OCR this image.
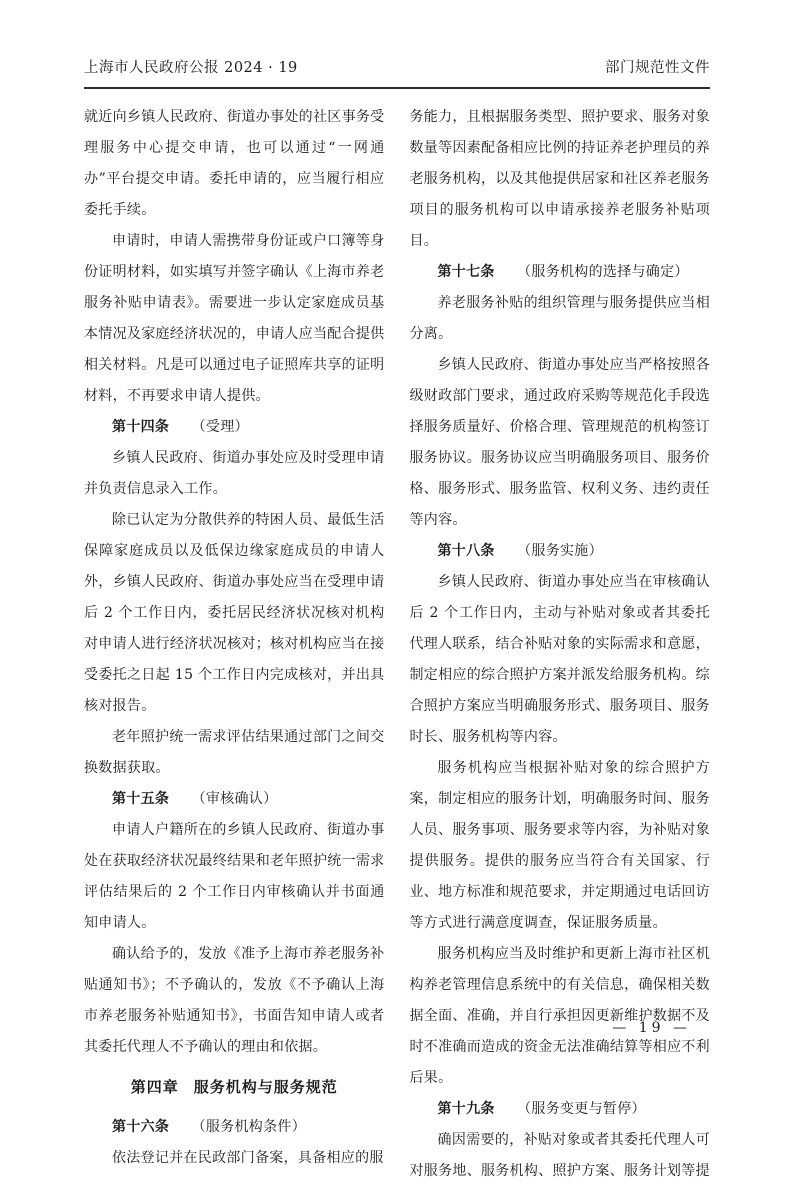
上海市人民政府公报 2024 · 19	部门规范性文件

就近向乡镇人民政府、街道办事处的社区事务受理服务中心提交申请，也可以通过“一网通办”平台提交申请。委托申请的，应当履行相应委托手续。

申请时，申请人需携带身份证或户口簿等身份证明材料，如实填写并签字确认《上海市养老服务补贴申请表》。需要进一步认定家庭成员基本情况及家庭经济状况的，申请人应当配合提供相关材料。凡是可以通过电子证照库共享的证明材料，不再要求申请人提供。

第十四条 （受理）

乡镇人民政府、街道办事处应及时受理申请并负责信息录入工作。

除已认定为分散供养的特困人员、最低生活保障家庭成员以及低保边缘家庭成员的申请人外，乡镇人民政府、街道办事处应当在受理申请后 2 个工作日内，委托居民经济状况核对机构对申请人进行经济状况核对；核对机构应当在接受委托之日起 15 个工作日内完成核对，并出具核对报告。

老年照护统一需求评估结果通过部门之间交换数据获取。

第十五条 （审核确认）

申请人户籍所在的乡镇人民政府、街道办事处在获取经济状况最终结果和老年照护统一需求评估结果后的 2 个工作日内审核确认并书面通知申请人。

确认给予的，发放《准予上海市养老服务补贴通知书》；不予确认的，发放《不予确认上海市养老服务补贴通知书》，书面告知申请人或者其委托代理人不予确认的理由和依据。

第四章 服务机构与服务规范

第十六条 （服务机构条件）

依法登记并在民政部门备案，具备相应的服

务能力，且根据服务类型、照护要求、服务对象数量等因素配备相应比例的持证养老护理员的养老服务机构，以及其他提供居家和社区养老服务项目的服务机构可以申请承接养老服务补贴项目。

第十七条 （服务机构的选择与确定）

养老服务补贴的组织管理与服务提供应当相分离。

乡镇人民政府、街道办事处应当严格按照各级财政部门要求，通过政府采购等规范化手段选择服务质量好、价格合理、管理规范的机构签订服务协议。服务协议应当明确服务项目、服务价格、服务形式、服务监管、权利义务、违约责任等内容。

第十八条 （服务实施）

乡镇人民政府、街道办事处应当在审核确认后 2 个工作日内，主动与补贴对象或者其委托代理人联系，结合补贴对象的实际需求和意愿，制定相应的综合照护方案并派发给服务机构。综合照护方案应当明确服务形式、服务项目、服务时长、服务机构等内容。

服务机构应当根据补贴对象的综合照护方案，制定相应的服务计划，明确服务时间、服务人员、服务事项、服务要求等内容，为补贴对象提供服务。提供的服务应当符合有关国家、行业、地方标准和规范要求，并定期通过电话回访等方式进行满意度调查，保证服务质量。

服务机构应当及时维护和更新上海市社区机构养老管理信息系统中的有关信息，确保相关数据全面、准确，并自行承担因更新维护数据不及时不准确而造成的资金无法准确结算等相应不利后果。

第十九条 （服务变更与暂停）

确因需要的，补贴对象或者其委托代理人可对服务地、服务机构、照护方案、服务计划等提

— 19 —
